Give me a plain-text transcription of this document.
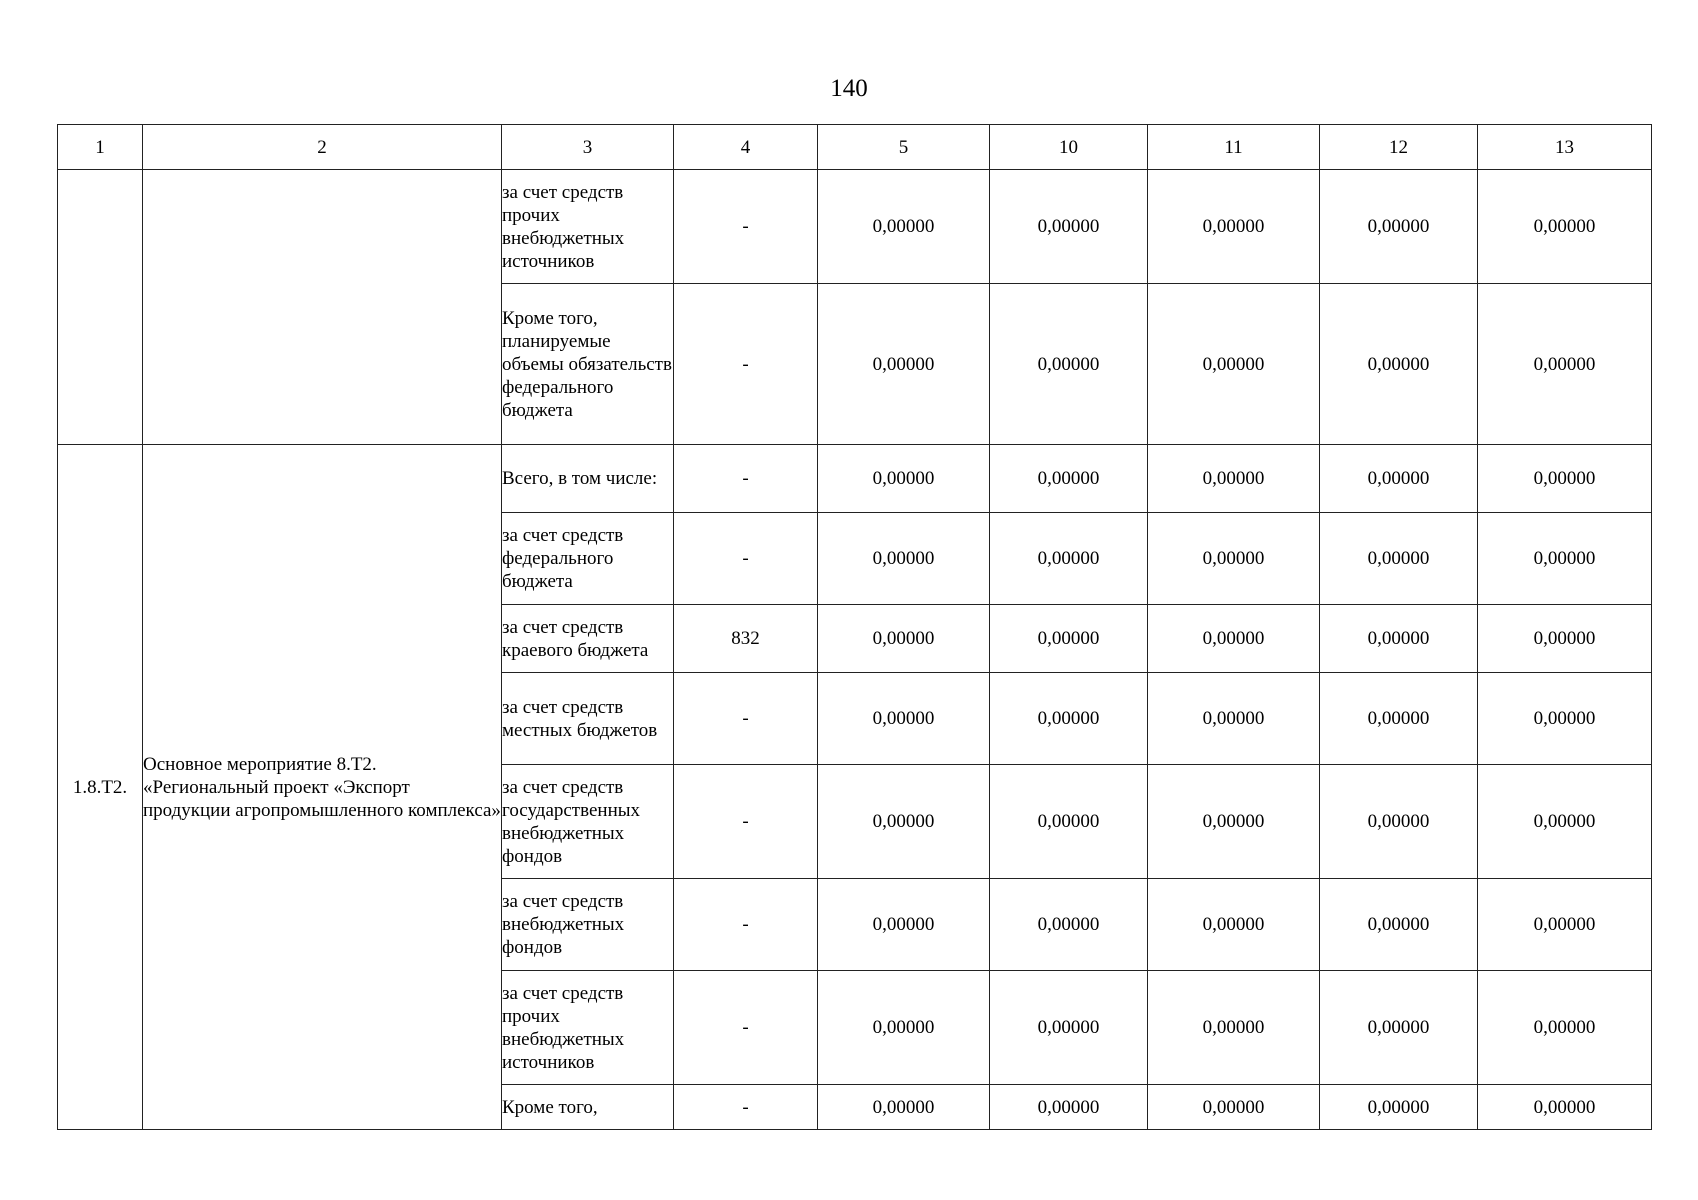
140
1	2	3	4	5	10	11	12	13
		за счет средств прочих внебюджетных источников	-	0,00000	0,00000	0,00000	0,00000	0,00000
		Кроме того, планируемые объемы обязательств федерального бюджета	-	0,00000	0,00000	0,00000	0,00000	0,00000
1.8.Т2.	Основное мероприятие 8.Т2. «Региональный проект «Экспорт продукции агропромышленного комплекса»	Всего, в том числе:	-	0,00000	0,00000	0,00000	0,00000	0,00000
		за счет средств федерального бюджета	-	0,00000	0,00000	0,00000	0,00000	0,00000
		за счет средств краевого бюджета	832	0,00000	0,00000	0,00000	0,00000	0,00000
		за счет средств местных бюджетов	-	0,00000	0,00000	0,00000	0,00000	0,00000
		за счет средств государственных внебюджетных фондов	-	0,00000	0,00000	0,00000	0,00000	0,00000
		за счет средств внебюджетных фондов	-	0,00000	0,00000	0,00000	0,00000	0,00000
		за счет средств прочих внебюджетных источников	-	0,00000	0,00000	0,00000	0,00000	0,00000
		Кроме того,	-	0,00000	0,00000	0,00000	0,00000	0,00000
